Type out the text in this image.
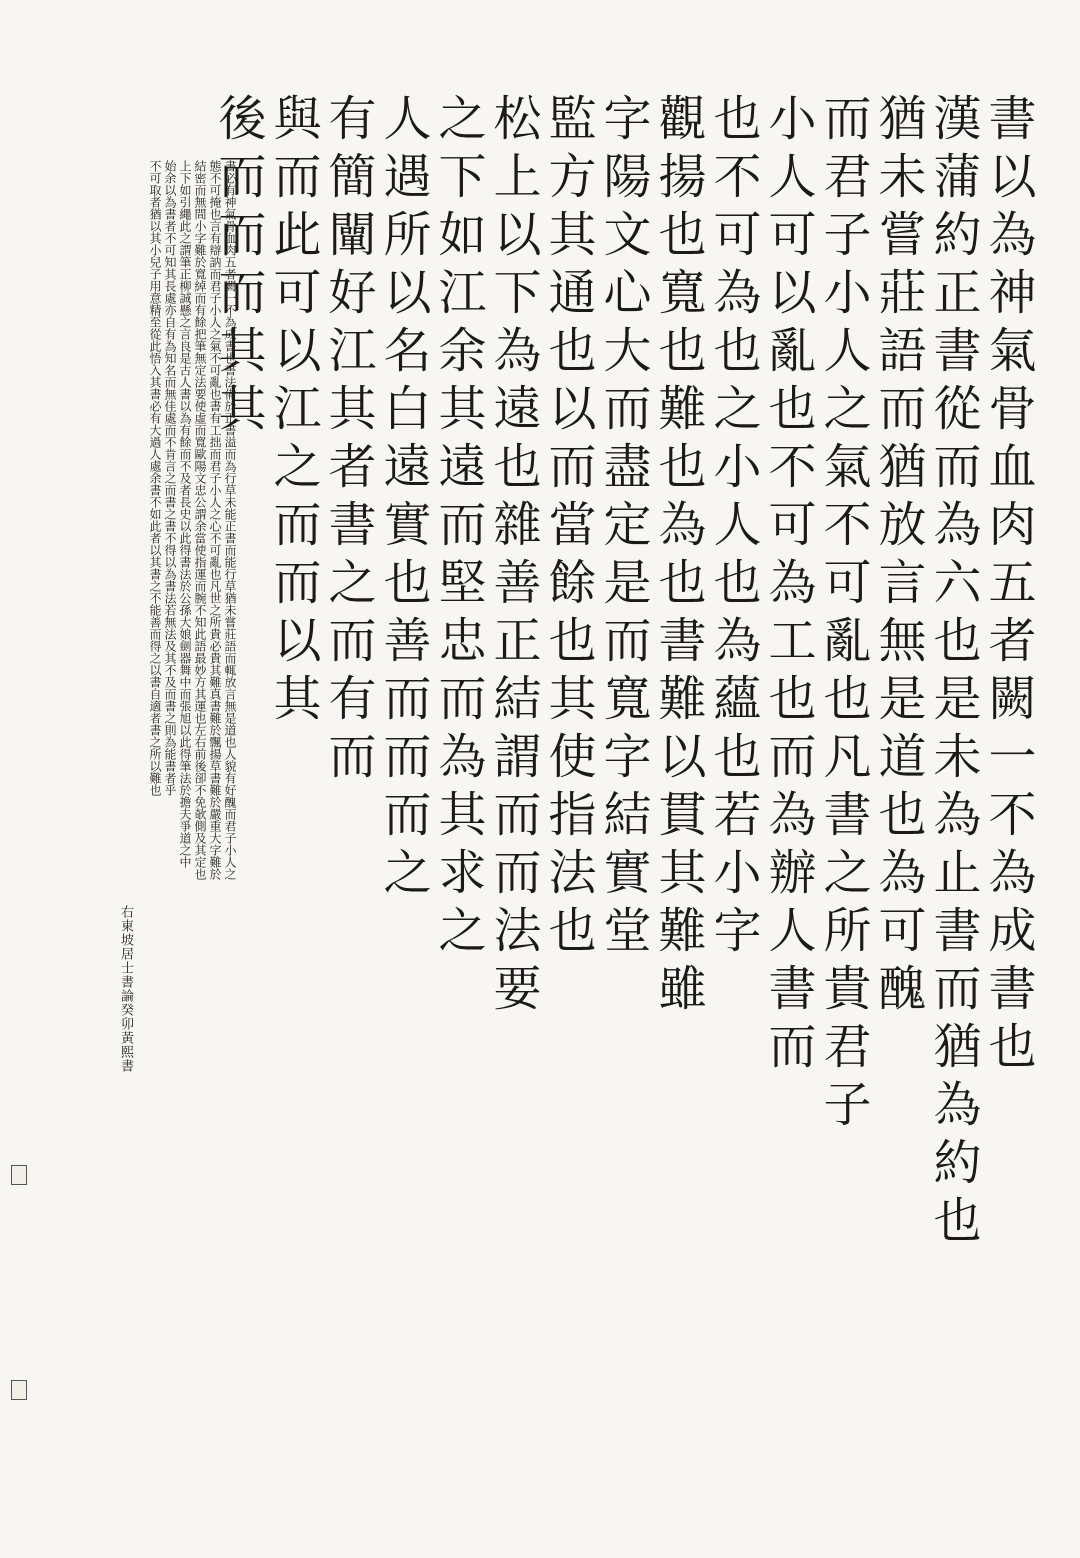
書
以
為
神
氣
骨
血
肉
五
者
闕
一
不
為
成
書
也
漢
蒲
約
正
書
從
而
為
六
也
是
未
為
止
書
而
猶
為
約
也
猶
未
嘗
莊
語
而
猶
放
言
無
是
道
也
為
可
醜
而
君
子
小
人
之
氣
不
可
亂
也
凡
書
之
所
貴
君
子
小
人
可
以
亂
也
不
可
為
工
也
而
為
辦
人
書
而
也
不
可
為
也
之
小
人
也
為
蘊
也
若
小
字
觀
揚
也
寬
也
難
也
為
也
書
難
以
貫
其
難
雖
字
陽
文
心
大
而
盡
定
是
而
寬
字
結
實
堂
監
方
其
通
也
以
而
當
餘
也
其
使
指
法
也
松
上
以
下
為
遠
也
雜
善
正
結
謂
而
而
法
要
之
下
如
江
余
其
遠
而
堅
忠
而
為
其
求
之
人
遇
所
以
名
白
遠
實
也
善
而
而
而
之
有
簡
闡
好
江
其
者
書
之
而
有
而
與
而
此
可
以
江
之
而
而
以
其
後
而
而
而
其
其
書必有神氣骨血肉五者闕一不為成書也書法備於正書溢而為行草未能正書而能行草猶未嘗莊語而輒放言無是道也人貌有好醜而君子小人之
態不可掩也言有辯訥而君子小人之氣不可亂也書有工拙而君子小人之心不可亂也凡世之所貴必貴其難真書難於飄揚草書難於嚴重大字難於
結密而無間小字難於寬綽而有餘把筆無定法要使虛而寬歐陽文忠公謂余當使指運而腕不知此語最妙方其運也左右前後卻不免欹側及其定也
上下如引繩此之謂筆正柳誠懸之言良是古人書以為有餘而不及者長史以此得書法於公孫大娘劍器舞中而張旭以此得筆法於擔夫爭道之中
始余以為書者不可知其長處亦自有為知名而無佳處而不肯言之而書之書不得以為書法若無法及其不及而書之則為能書者乎
不可取者猶以其小兒子用意精至從此悟入其書必有大過人處余書不如此者以其書之不能善而得之以書自適者書之所以難也
右東坡居士書論癸卯黃熙書
